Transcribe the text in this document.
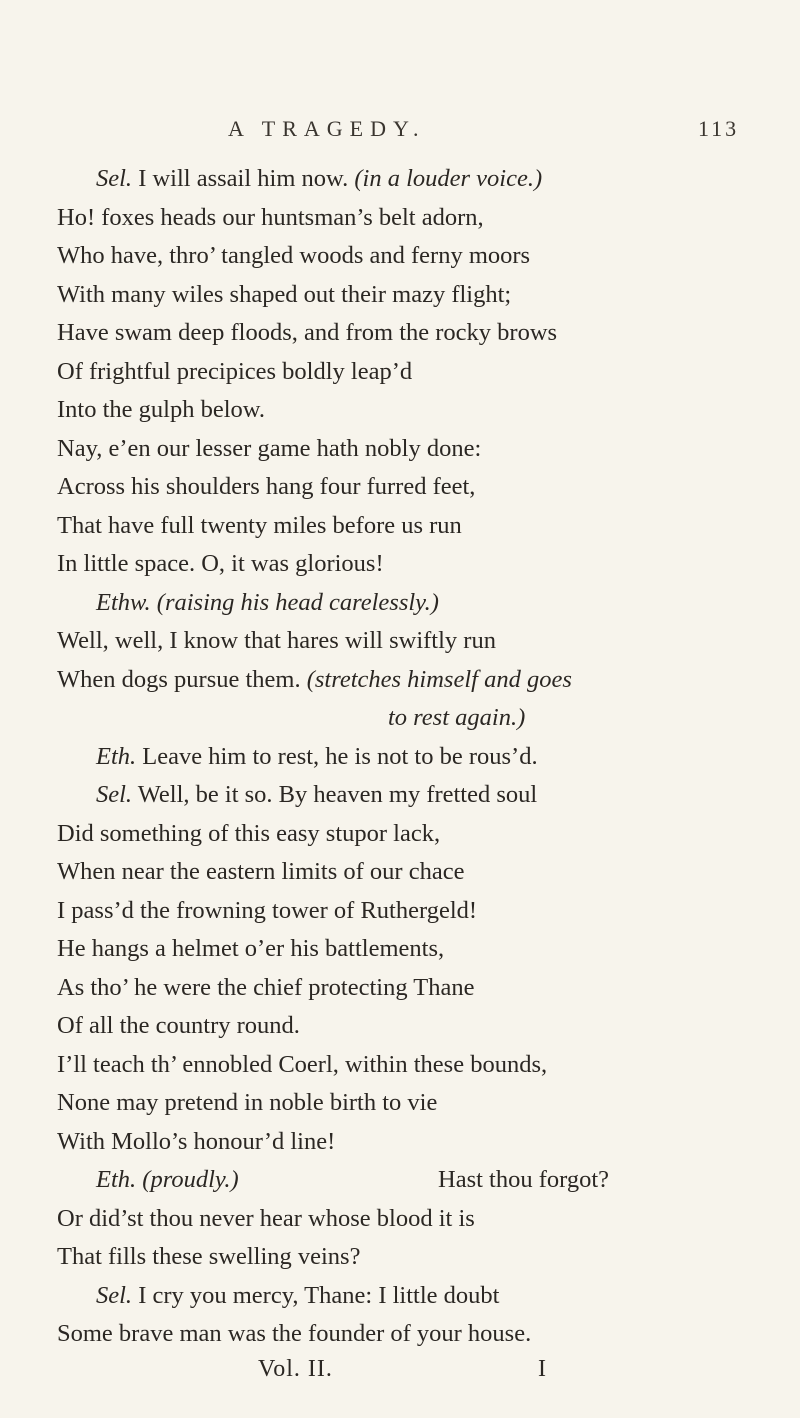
A TRAGEDY.	113
Sel. I will assail him now. (in a louder voice.)
Ho! foxes heads our huntsman’s belt adorn,
Who have, thro’ tangled woods and ferny moors
With many wiles shaped out their mazy flight;
Have swam deep floods, and from the rocky brows
Of frightful precipices boldly leap’d
Into the gulph below.
Nay, e’en our lesser game hath nobly done:
Across his shoulders hang four furred feet,
That have full twenty miles before us run
In little space. O, it was glorious!
Ethw. (raising his head carelessly.)
Well, well, I know that hares will swiftly run
When dogs pursue them. (stretches himself and goes
to rest again.)
Eth. Leave him to rest, he is not to be rous’d.
Sel. Well, be it so. By heaven my fretted soul
Did something of this easy stupor lack,
When near the eastern limits of our chace
I pass’d the frowning tower of Ruthergeld!
He hangs a helmet o’er his battlements,
As tho’ he were the chief protecting Thane
Of all the country round.
I’ll teach th’ ennobled Coerl, within these bounds,
None may pretend in noble birth to vie
With Mollo’s honour’d line!
Eth. (proudly.)	Hast thou forgot?
Or did’st thou never hear whose blood it is
That fills these swelling veins?
Sel. I cry you mercy, Thane: I little doubt
Some brave man was the founder of your house.
Vol. II.	I
